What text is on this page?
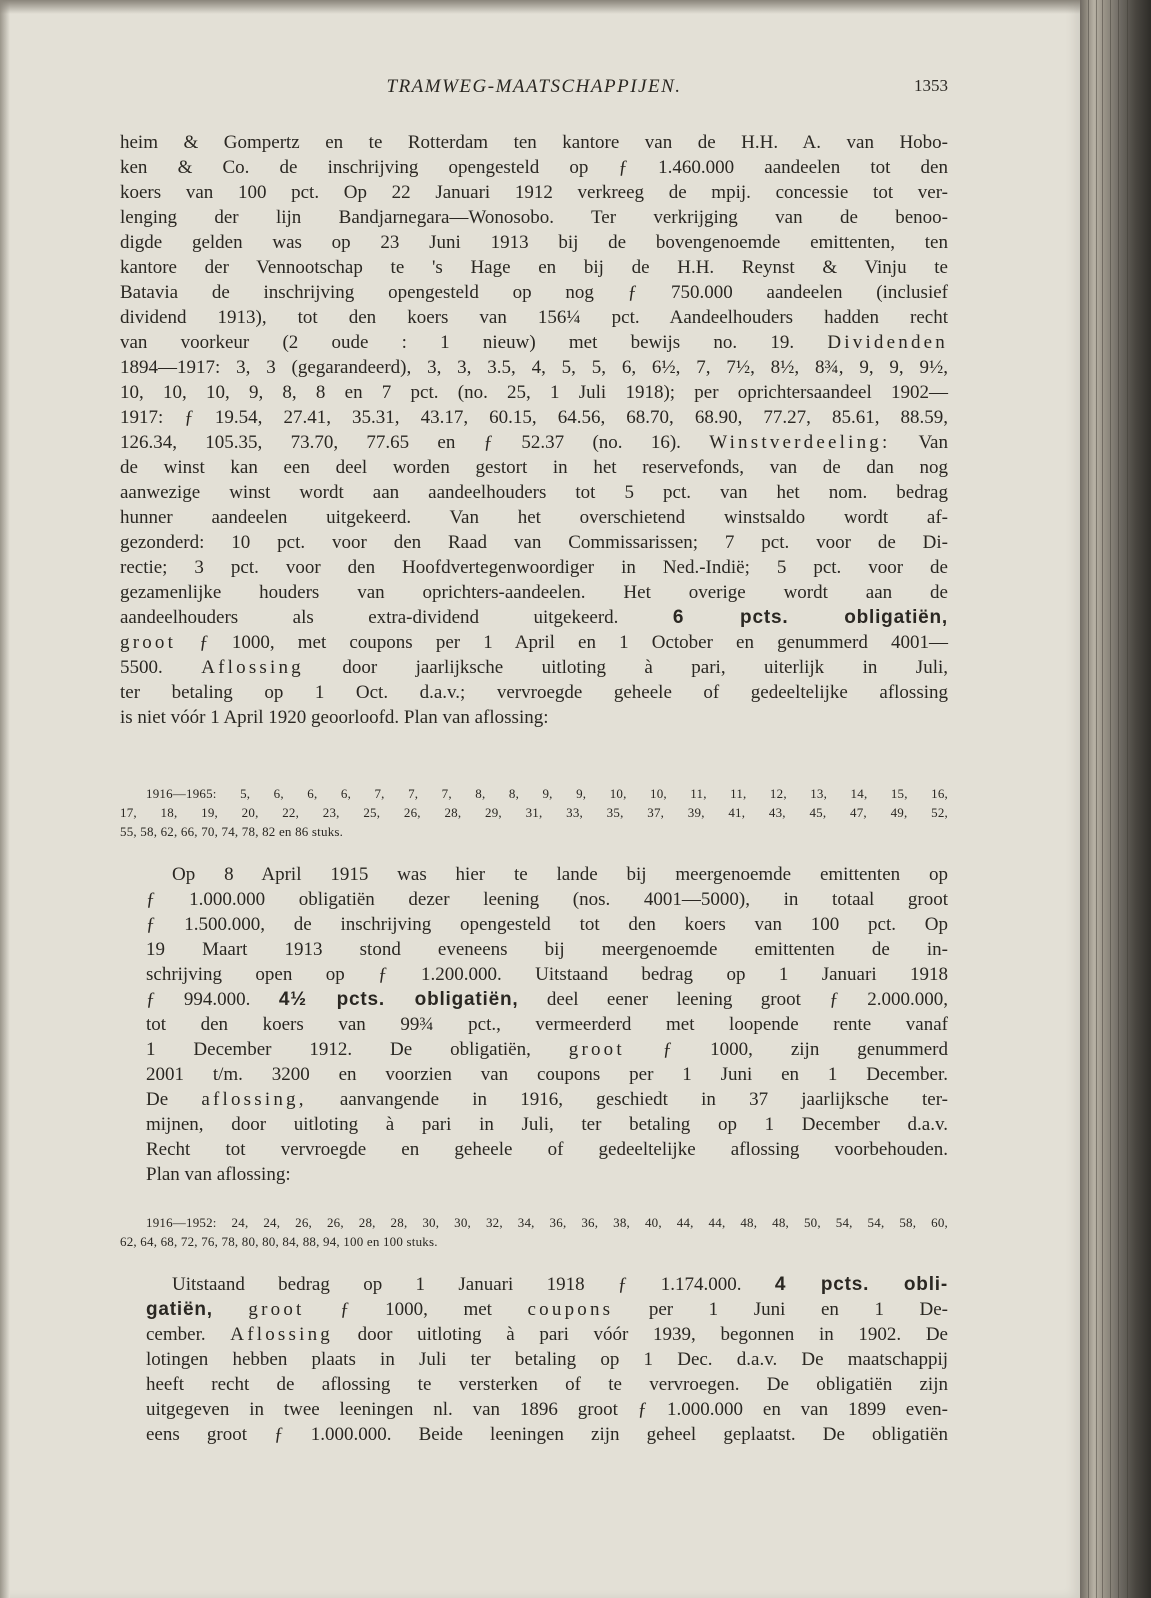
TRAMWEG-MAATSCHAPPIJEN.	1353
heim & Gompertz en te Rotterdam ten kantore van de H.H. A. van Hobo-
ken & Co. de inschrijving opengesteld op ƒ 1.460.000 aandeelen tot den
koers van 100 pct. Op 22 Januari 1912 verkreeg de mpij. concessie tot ver-
lenging der lijn Bandjarnegara—Wonosobo. Ter verkrijging van de benoo-
digde gelden was op 23 Juni 1913 bij de bovengenoemde emittenten, ten
kantore der Vennootschap te 's Hage en bij de H.H. Reynst & Vinju te
Batavia de inschrijving opengesteld op nog ƒ 750.000 aandeelen (inclusief
dividend 1913), tot den koers van 156¼ pct. Aandeelhouders hadden recht
van voorkeur (2 oude : 1 nieuw) met bewijs no. 19. Dividenden
1894—1917: 3, 3 (gegarandeerd), 3, 3, 3.5, 4, 5, 5, 6, 6½, 7, 7½, 8½, 8¾, 9, 9, 9½,
10, 10, 10, 9, 8, 8 en 7 pct. (no. 25, 1 Juli 1918); per oprichtersaandeel 1902—
1917: ƒ 19.54, 27.41, 35.31, 43.17, 60.15, 64.56, 68.70, 68.90, 77.27, 85.61, 88.59,
126.34, 105.35, 73.70, 77.65 en ƒ 52.37 (no. 16). Winstverdeeling: Van
de winst kan een deel worden gestort in het reservefonds, van de dan nog
aanwezige winst wordt aan aandeelhouders tot 5 pct. van het nom. bedrag
hunner aandeelen uitgekeerd. Van het overschietend winstsaldo wordt af-
gezonderd: 10 pct. voor den Raad van Commissarissen; 7 pct. voor de Di-
rectie; 3 pct. voor den Hoofdvertegenwoordiger in Ned.-Indië; 5 pct. voor de
gezamenlijke houders van oprichters-aandeelen. Het overige wordt aan de
aandeelhouders als extra-dividend uitgekeerd. 6 pcts. obligatiën,
groot ƒ 1000, met coupons per 1 April en 1 October en genummerd 4001—
5500. Aflossing door jaarlijksche uitloting à pari, uiterlijk in Juli,
ter betaling op 1 Oct. d.a.v.; vervroegde geheele of gedeeltelijke aflossing
is niet vóór 1 April 1920 geoorloofd. Plan van aflossing:
1916—1965: 5, 6, 6, 6, 7, 7, 7, 8, 8, 9, 9, 10, 10, 11, 11, 12, 13, 14, 15, 16,
17, 18, 19, 20, 22, 23, 25, 26, 28, 29, 31, 33, 35, 37, 39, 41, 43, 45, 47, 49, 52,
55, 58, 62, 66, 70, 74, 78, 82 en 86 stuks.
Op 8 April 1915 was hier te lande bij meergenoemde emittenten op
ƒ 1.000.000 obligatiën dezer leening (nos. 4001—5000), in totaal groot
ƒ 1.500.000, de inschrijving opengesteld tot den koers van 100 pct. Op
19 Maart 1913 stond eveneens bij meergenoemde emittenten de in-
schrijving open op ƒ 1.200.000. Uitstaand bedrag op 1 Januari 1918
ƒ 994.000. 4½ pcts. obligatiën, deel eener leening groot ƒ 2.000.000,
tot den koers van 99¾ pct., vermeerderd met loopende rente vanaf
1 December 1912. De obligatiën, groot ƒ 1000, zijn genummerd
2001 t/m. 3200 en voorzien van coupons per 1 Juni en 1 December.
De aflossing, aanvangende in 1916, geschiedt in 37 jaarlijksche ter-
mijnen, door uitloting à pari in Juli, ter betaling op 1 December d.a.v.
Recht tot vervroegde en geheele of gedeeltelijke aflossing voorbehouden.
Plan van aflossing:
1916—1952: 24, 24, 26, 26, 28, 28, 30, 30, 32, 34, 36, 36, 38, 40, 44, 44, 48, 48, 50, 54, 54, 58, 60,
62, 64, 68, 72, 76, 78, 80, 80, 84, 88, 94, 100 en 100 stuks.
Uitstaand bedrag op 1 Januari 1918 ƒ 1.174.000. 4 pcts. obli-
gatiën, groot ƒ 1000, met coupons per 1 Juni en 1 De-
cember. Aflossing door uitloting à pari vóór 1939, begonnen in 1902. De
lotingen hebben plaats in Juli ter betaling op 1 Dec. d.a.v. De maatschappij
heeft recht de aflossing te versterken of te vervroegen. De obligatiën zijn
uitgegeven in twee leeningen nl. van 1896 groot ƒ 1.000.000 en van 1899 even-
eens groot ƒ 1.000.000. Beide leeningen zijn geheel geplaatst. De obligatiën
